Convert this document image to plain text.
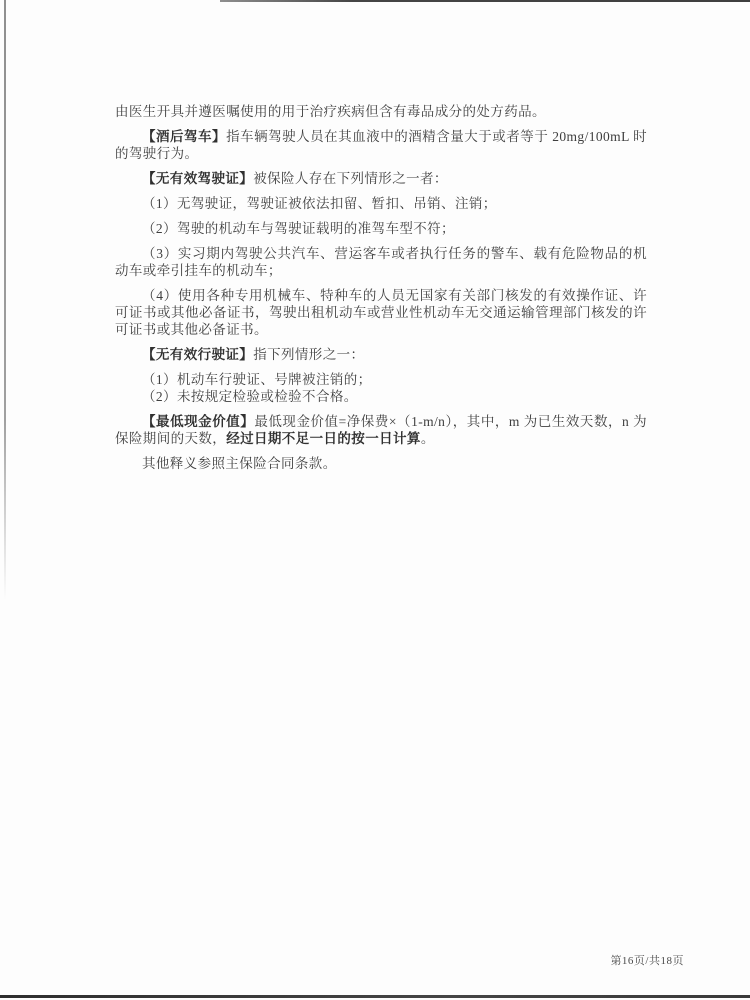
由医生开具并遵医嘱使用的用于治疗疾病但含有毒品成分的处方药品。

【酒后驾车】指车辆驾驶人员在其血液中的酒精含量大于或者等于 20mg/100mL 时的驾驶行为。

【无有效驾驶证】被保险人存在下列情形之一者：

（1）无驾驶证，驾驶证被依法扣留、暂扣、吊销、注销；

（2）驾驶的机动车与驾驶证载明的准驾车型不符；

（3）实习期内驾驶公共汽车、营运客车或者执行任务的警车、载有危险物品的机动车或牵引挂车的机动车；

（4）使用各种专用机械车、特种车的人员无国家有关部门核发的有效操作证、许可证书或其他必备证书，驾驶出租机动车或营业性机动车无交通运输管理部门核发的许可证书或其他必备证书。

【无有效行驶证】指下列情形之一：

（1）机动车行驶证、号牌被注销的；

（2）未按规定检验或检验不合格。

【最低现金价值】最低现金价值=净保费×（1-m/n），其中，m 为已生效天数，n 为保险期间的天数，经过日期不足一日的按一日计算。

其他释义参照主保险合同条款。

第16页/共18页
